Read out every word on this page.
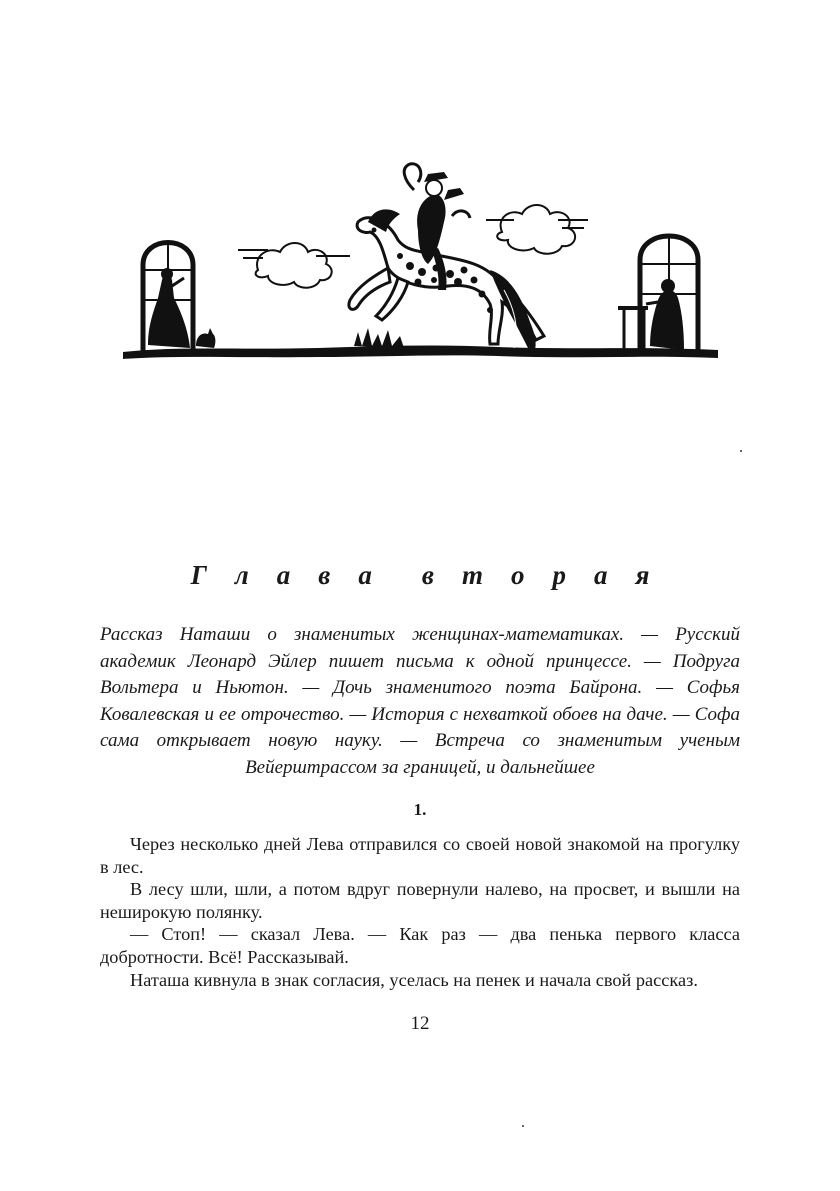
Г л а в а в т о р а я
Рассказ Наташи о знаменитых женщинах-математиках. — Русский академик Леонард Эйлер пишет письма к одной принцессе. — Подруга Вольтера и Ньютон. — Дочь знаменитого поэта Байрона. — Софья Ковалевская и ее отрочество. — История с нехваткой обоев на даче. — Софа сама открывает новую науку. — Встреча со знаменитым ученым Вейерштрассом за границей, и дальнейшее
1.

Через несколько дней Лева отправился со своей новой знакомой на прогулку в лес.

В лесу шли, шли, а потом вдруг повернули налево, на просвет, и вышли на неширокую полянку.

— Стоп! — сказал Лева. — Как раз — два пенька первого класса добротности. Всё! Рассказывай.

Наташа кивнула в знак согласия, уселась на пенек и начала свой рассказ.

12
